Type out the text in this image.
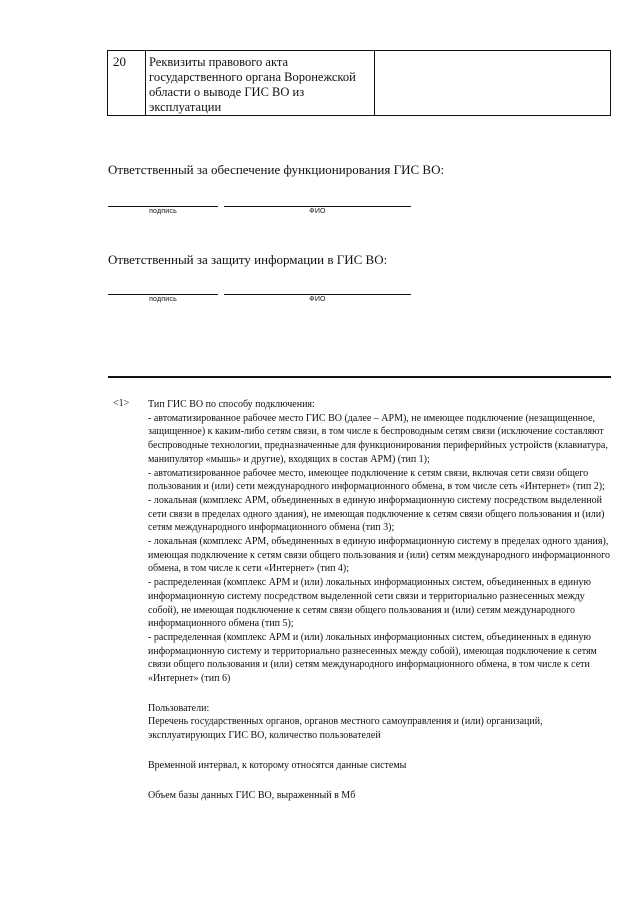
20	Реквизиты правового акта государственного органа Воронежской области о выводе ГИС ВО из эксплуатации
Ответственный за обеспечение функционирования ГИС ВО:
подпись	ФИО
Ответственный за защиту информации в ГИС ВО:
подпись	ФИО
<1> Тип ГИС ВО по способу подключения:

- автоматизированное рабочее место ГИС ВО (далее – АРМ), не имеющее подключение (незащищенное, защищенное) к каким-либо сетям связи, в том числе к беспроводным сетям связи (исключение составляют беспроводные технологии, предназначенные для функционирования периферийных устройств (клавиатура, манипулятор «мышь» и другие), входящих в состав АРМ) (тип 1);

- автоматизированное рабочее место, имеющее подключение к сетям связи, включая сети связи общего пользования и (или) сети международного информационного обмена, в том числе сеть «Интернет» (тип 2);

- локальная (комплекс АРМ, объединенных в единую информационную систему посредством выделенной сети связи в пределах одного здания), не имеющая подключение к сетям связи общего пользования и (или) сетям международного информационного обмена (тип 3);

- локальная (комплекс АРМ, объединенных в единую информационную систему в пределах одного здания), имеющая подключение к сетям связи общего пользования и (или) сетям международного информационного обмена, в том числе к сети «Интернет» (тип 4);

- распределенная (комплекс АРМ и (или) локальных информационных систем, объединенных в единую информационную систему посредством выделенной сети связи и территориально разнесенных между собой), не имеющая подключение к сетям связи общего пользования и (или) сетям международного информационного обмена (тип 5);

- распределенная (комплекс АРМ и (или) локальных информационных систем, объединенных в единую информационную систему и территориально разнесенных между собой), имеющая подключение к сетям связи общего пользования и (или) сетям международного информационного обмена, в том числе к сети «Интернет» (тип 6)

Пользователи:

Перечень государственных органов, органов местного самоуправления и (или) организаций, эксплуатирующих ГИС ВО, количество пользователей

Временной интервал, к которому относятся данные системы

Объем базы данных ГИС ВО, выраженный в Мб
